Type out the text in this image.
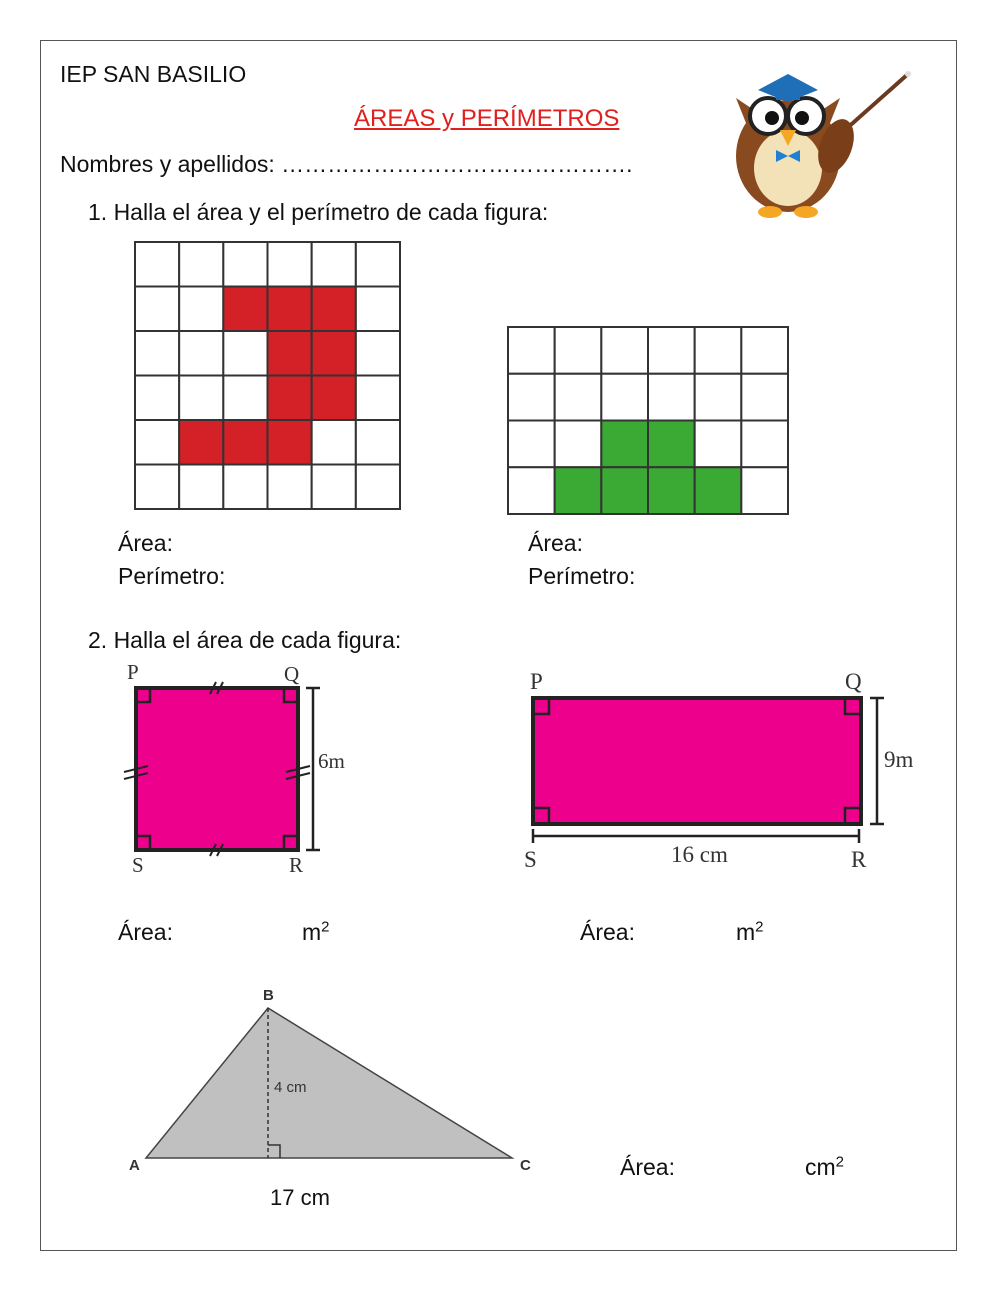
IEP SAN BASILIO
ÁREAS y PERÍMETROS
Nombres y apellidos: ……………………………………….
1. Halla el área y el perímetro de cada figura:
Área:
Perímetro:
Área:
Perímetro:
2. Halla el área de cada figura:
P	Q
S	R
6m
P	Q
S	R
9m
16 cm
Área:	$m^2$	Área:	$m^2$
B
A	C
4 cm
17 cm
Área:	$cm^2$
